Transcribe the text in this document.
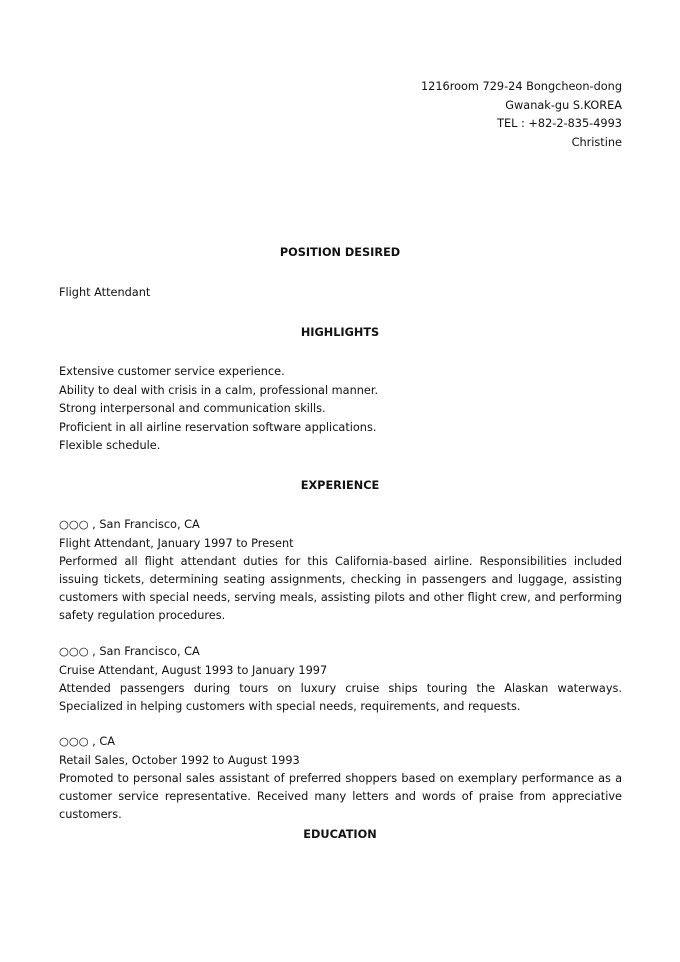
1216room 729-24 Bongcheon-dong
Gwanak-gu S.KOREA
TEL : +82-2-835-4993
Christine
POSITION DESIRED
Flight Attendant
HIGHLIGHTS
Extensive customer service experience.
Ability to deal with crisis in a calm, professional manner.
Strong interpersonal and communication skills.
Proficient in all airline reservation software applications.
Flexible schedule.
EXPERIENCE
○○○ , San Francisco, CA
Flight Attendant, January 1997 to Present
Performed all flight attendant duties for this California-based airline. Responsibilities included issuing tickets, determining seating assignments, checking in passengers and luggage, assisting customers with special needs, serving meals, assisting pilots and other flight crew, and performing safety regulation procedures.
○○○ , San Francisco, CA
Cruise Attendant, August 1993 to January 1997
Attended passengers during tours on luxury cruise ships touring the Alaskan waterways. Specialized in helping customers with special needs, requirements, and requests.
○○○ , CA
Retail Sales, October 1992 to August 1993
Promoted to personal sales assistant of preferred shoppers based on exemplary performance as a customer service representative. Received many letters and words of praise from appreciative customers.
EDUCATION
